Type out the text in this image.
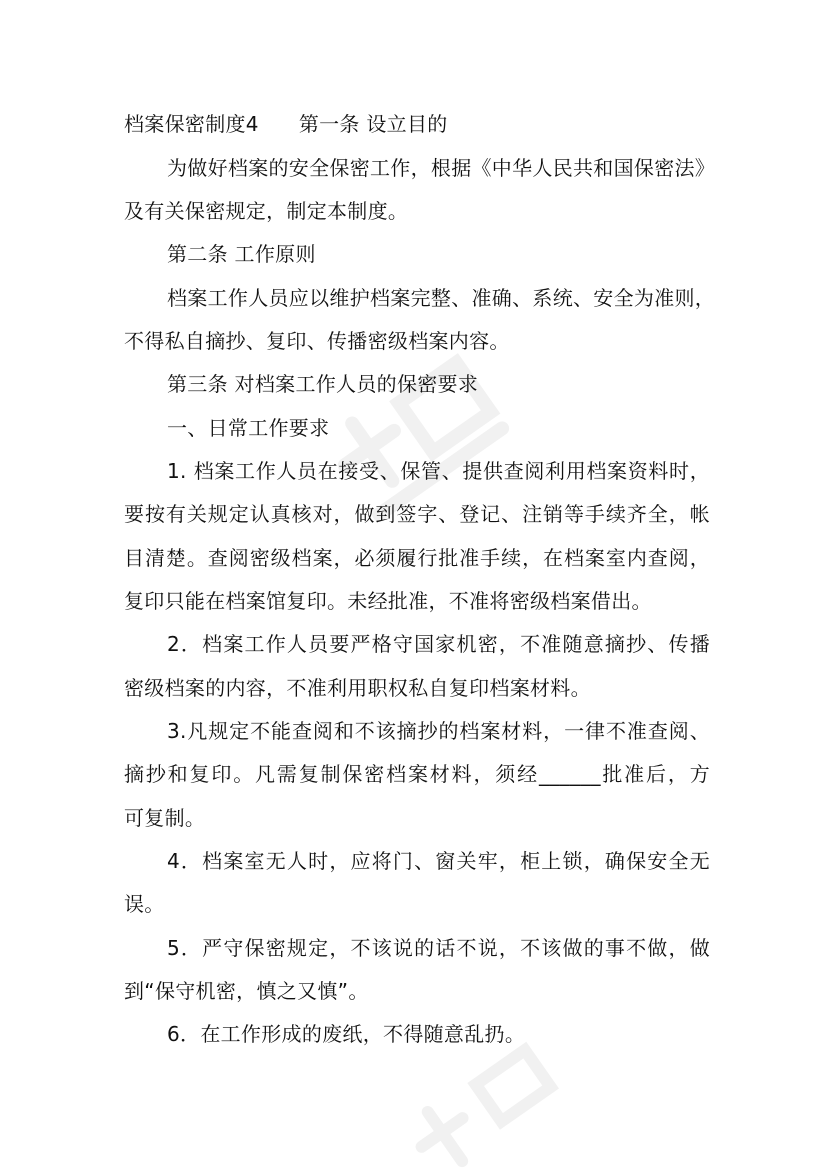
档案保密制度4 第一条 设立目的
为做好档案的安全保密工作，根据《中华人民共和国保密法》
及有关保密规定，制定本制度。
第二条 工作原则
档案工作人员应以维护档案完整、准确、系统、安全为准则，
不得私自摘抄、复印、传播密级档案内容。
第三条 对档案工作人员的保密要求
一、日常工作要求
1. 档案工作人员在接受、保管、提供查阅利用档案资料时，
要按有关规定认真核对，做到签字、登记、注销等手续齐全，帐
目清楚。查阅密级档案，必须履行批准手续，在档案室内查阅，
复印只能在档案馆复印。未经批准，不准将密级档案借出。
2．档案工作人员要严格守国家机密，不准随意摘抄、传播
密级档案的内容，不准利用职权私自复印档案材料。
3.凡规定不能查阅和不该摘抄的档案材料，一律不准查阅、
摘抄和复印。凡需复制保密档案材料，须经______批准后，方
可复制。
4．档案室无人时，应将门、窗关牢，柜上锁，确保安全无
误。
5．严守保密规定，不该说的话不说，不该做的事不做，做
到“保守机密，慎之又慎”。
6．在工作形成的废纸，不得随意乱扔。
